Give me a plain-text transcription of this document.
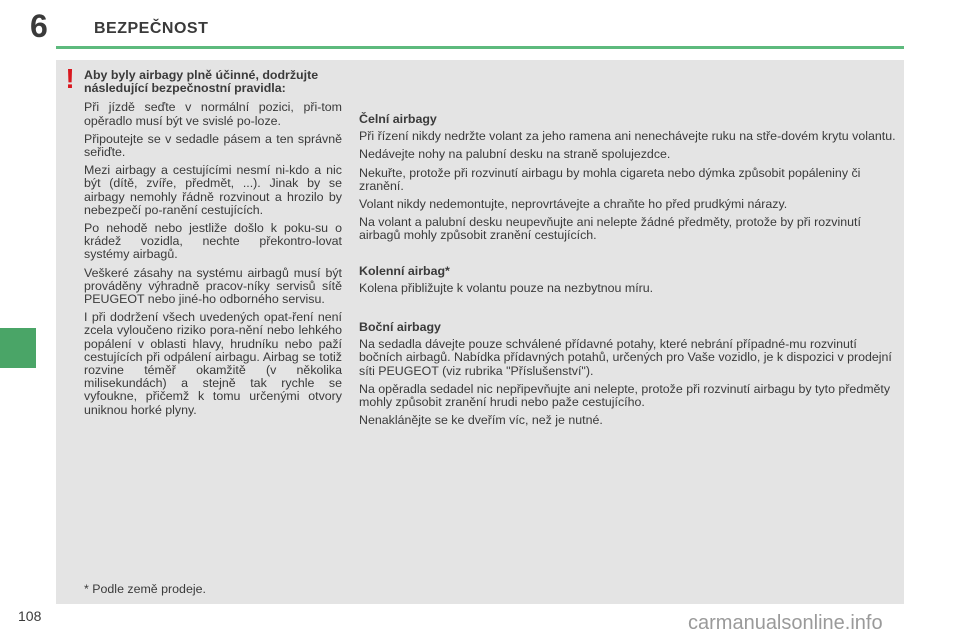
6	BEZPEČNOST
! Aby byly airbagy plně účinné, dodržujte následující bezpečnostní pravidla:

Při jízdě seďte v normální pozici, při-tom opěradlo musí být ve svislé po-loze.

Připoutejte se v sedadle pásem a ten správně seřiďte.

Mezi airbagy a cestujícími nesmí ni-kdo a nic být (dítě, zvíře, předmět, ...). Jinak by se airbagy nemohly řádně rozvinout a hrozilo by nebezpečí po-ranění cestujících.

Po nehodě nebo jestliže došlo k poku-su o krádež vozidla, nechte překontro-lovat systémy airbagů.

Veškeré zásahy na systému airbagů musí být prováděny výhradně pracov-níky servisů sítě PEUGEOT nebo jiné-ho odborného servisu.

I při dodržení všech uvedených opat-ření není zcela vyloučeno riziko pora-nění nebo lehkého popálení v oblasti hlavy, hrudníku nebo paží cestujících při odpálení airbagu. Airbag se totiž rozvine téměř okamžitě (v několika milisekundách) a stejně tak rychle se vyfoukne, přičemž k tomu určenými otvory uniknou horké plyny.

Čelní airbagy

Při řízení nikdy nedržte volant za jeho ramena ani nenechávejte ruku na stře-dovém krytu volantu.

Nedávejte nohy na palubní desku na straně spolujezdce.

Nekuřte, protože při rozvinutí airbagu by mohla cigareta nebo dýmka způsobit popáleniny či zranění.

Volant nikdy nedemontujte, neprovrtávejte a chraňte ho před prudkými nárazy.

Na volant a palubní desku neupevňujte ani nelepte žádné předměty, protože by při rozvinutí airbagů mohly způsobit zranění cestujících.

Kolenní airbag*

Kolena přibližujte k volantu pouze na nezbytnou míru.

Boční airbagy

Na sedadla dávejte pouze schválené přídavné potahy, které nebrání případné-mu rozvinutí bočních airbagů. Nabídka přídavných potahů, určených pro Vaše vozidlo, je k dispozici v prodejní síti PEUGEOT (viz rubrika "Příslušenství").

Na opěradla sedadel nic nepřipevňujte ani nelepte, protože při rozvinutí airbagu by tyto předměty mohly způsobit zranění hrudi nebo paže cestujícího.

Nenaklánějte se ke dveřím víc, než je nutné.

* Podle země prodeje.
108	carmanualsonline.info
